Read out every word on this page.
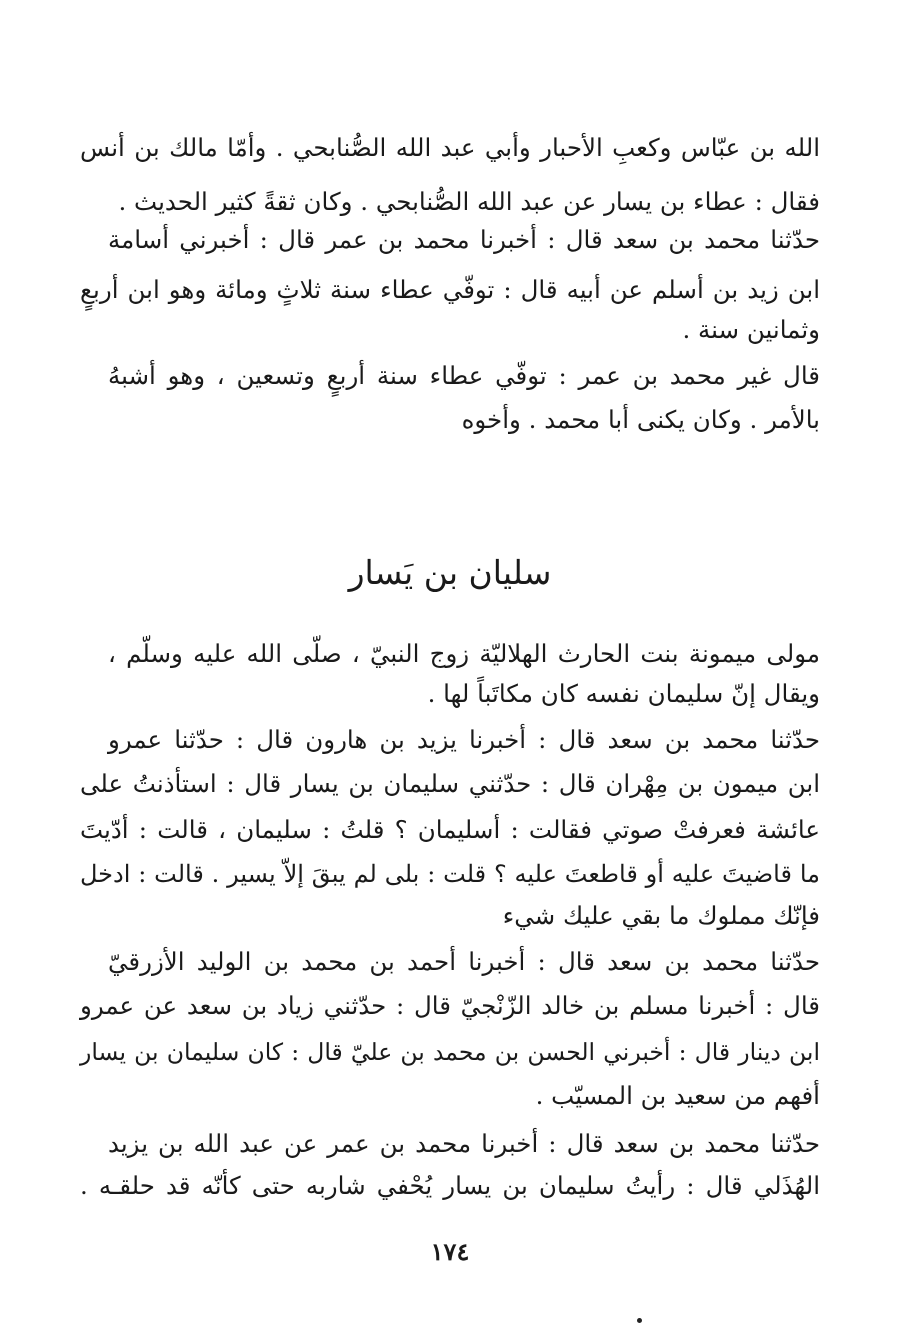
الله بن عبّاس وكعبِ الأحبار وأبي عبد الله الصُّنابحي . وأمّا مالك بن أنس
فقال : عطاء بن يسار عن عبد الله الصُّنابحي . وكان ثقةً كثير الحديث .
حدّثنا محمد بن سعد قال : أخبرنا محمد بن عمر قال : أخبرني أسامة
ابن زيد بن أسلم عن أبيه قال : توفّي عطاء سنة ثلاثٍ ومائة وهو ابن أربعٍ
وثمانين سنة .
قال غير محمد بن عمر : توفّي عطاء سنة أربعٍ وتسعين ، وهو أشبهُ
بالأمر . وكان يكنى أبا محمد . وأخوه
سليان بن يَسار
مولى ميمونة بنت الحارث الهلاليّة زوج النبيّ ، صلّى الله عليه وسلّم ،
ويقال إنّ سليمان نفسه كان مكاتَباً لها .
حدّثنا محمد بن سعد قال : أخبرنا يزيد بن هارون قال : حدّثنا عمرو
ابن ميمون بن مِهْران قال : حدّثني سليمان بن يسار قال : استأذنتُ على
عائشة فعرفتْ صوتي فقالت : أسليمان ؟ قلتُ : سليمان ، قالت : أدّيتَ
ما قاضيتَ عليه أو قاطعتَ عليه ؟ قلت : بلى لم يبقَ إلاّ يسير . قالت : ادخل
فإنّك مملوك ما بقي عليك شيء
حدّثنا محمد بن سعد قال : أخبرنا أحمد بن محمد بن الوليد الأزرقيّ
قال : أخبرنا مسلم بن خالد الزّنْجيّ قال : حدّثني زياد بن سعد عن عمرو
ابن دينار قال : أخبرني الحسن بن محمد بن عليّ قال : كان سليمان بن يسار
أفهم من سعيد بن المسيّب .
حدّثنا محمد بن سعد قال : أخبرنا محمد بن عمر عن عبد الله بن يزيد
الهُذَلي قال : رأيتُ سليمان بن يسار يُحْفي شاربه حتى كأنّه قد حلقـه .
١٧٤
